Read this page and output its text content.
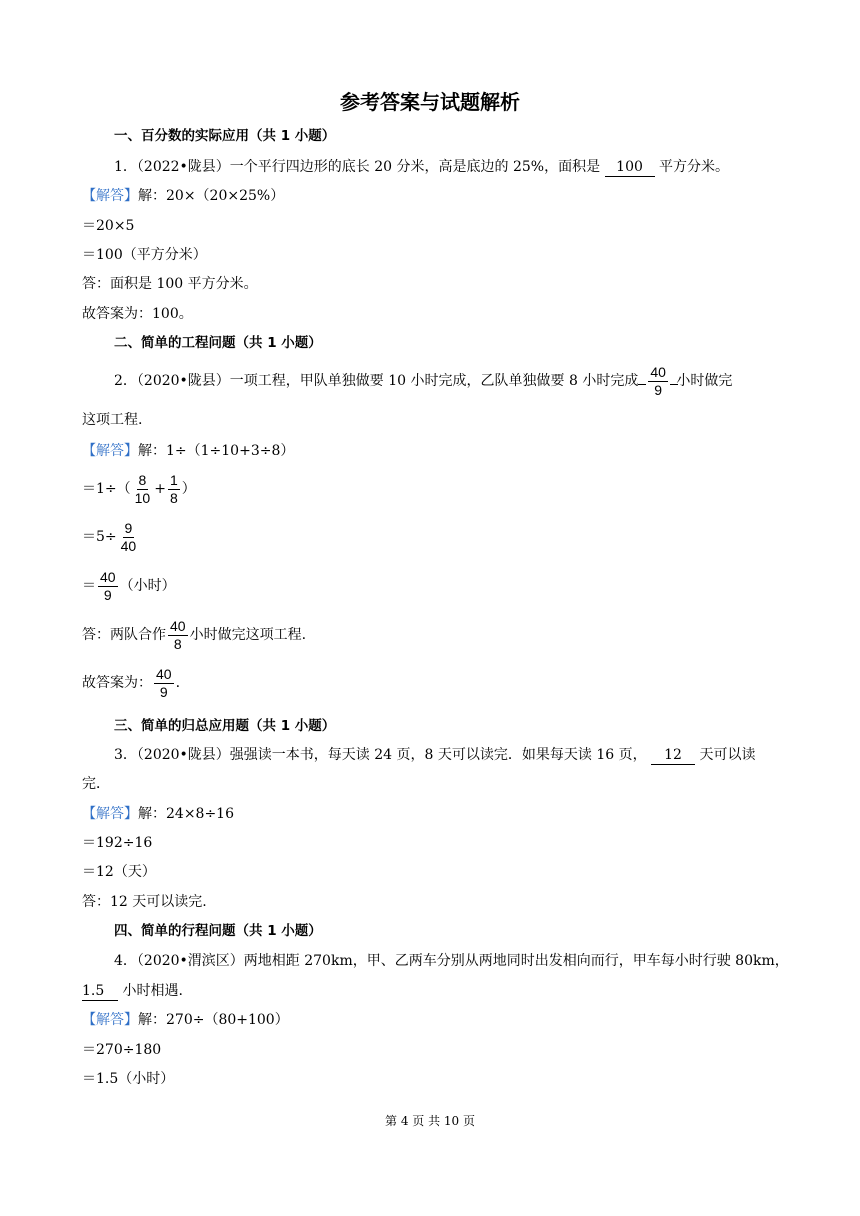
参考答案与试题解析
一、百分数的实际应用（共 1 小题）
1．（2022•陇县）一个平行四边形的底长 20 分米，高是底边的 25%，面积是 100 平方分米。
【解答】解：20×（20×25%）
＝20×5
＝100（平方分米）
答：面积是 100 平方分米。
故答案为：100。
二、简单的工程问题（共 1 小题）
2．（2020•陇县）一项工程，甲队单独做要 10 小时完成，乙队单独做要 8 小时完成 $\frac{40}{9}$ 小时做完
这项工程.
【解答】解：1÷（1÷10+3÷8）
$=1\div( \frac{8}{10} + \frac{1}{8}$ ）
$=5\div \frac{9}{40}$
＝ $\frac{40}{9}$ （小时）
答：两队合作 $\frac{40}{8}$ 小时做完这项工程.
故答案为： $\frac{40}{9}$ .
三、简单的归总应用题（共 1 小题）
3．（2020•陇县）强强读一本书，每天读 24 页，8 天可以读完．如果每天读 16 页， 12 天可以读
完．
【解答】解：24×8÷16
＝192÷16
＝12（天）
答：12 天可以读完.
四、简单的行程问题（共 1 小题）
4．（2020•渭滨区）两地相距 270km，甲、乙两车分别从两地同时出发相向而行，甲车每小时行驶 80km，
1.5 小时相遇.
【解答】解：270÷（80+100）
＝270÷180
＝1.5（小时）
第 4 页 共 10 页
